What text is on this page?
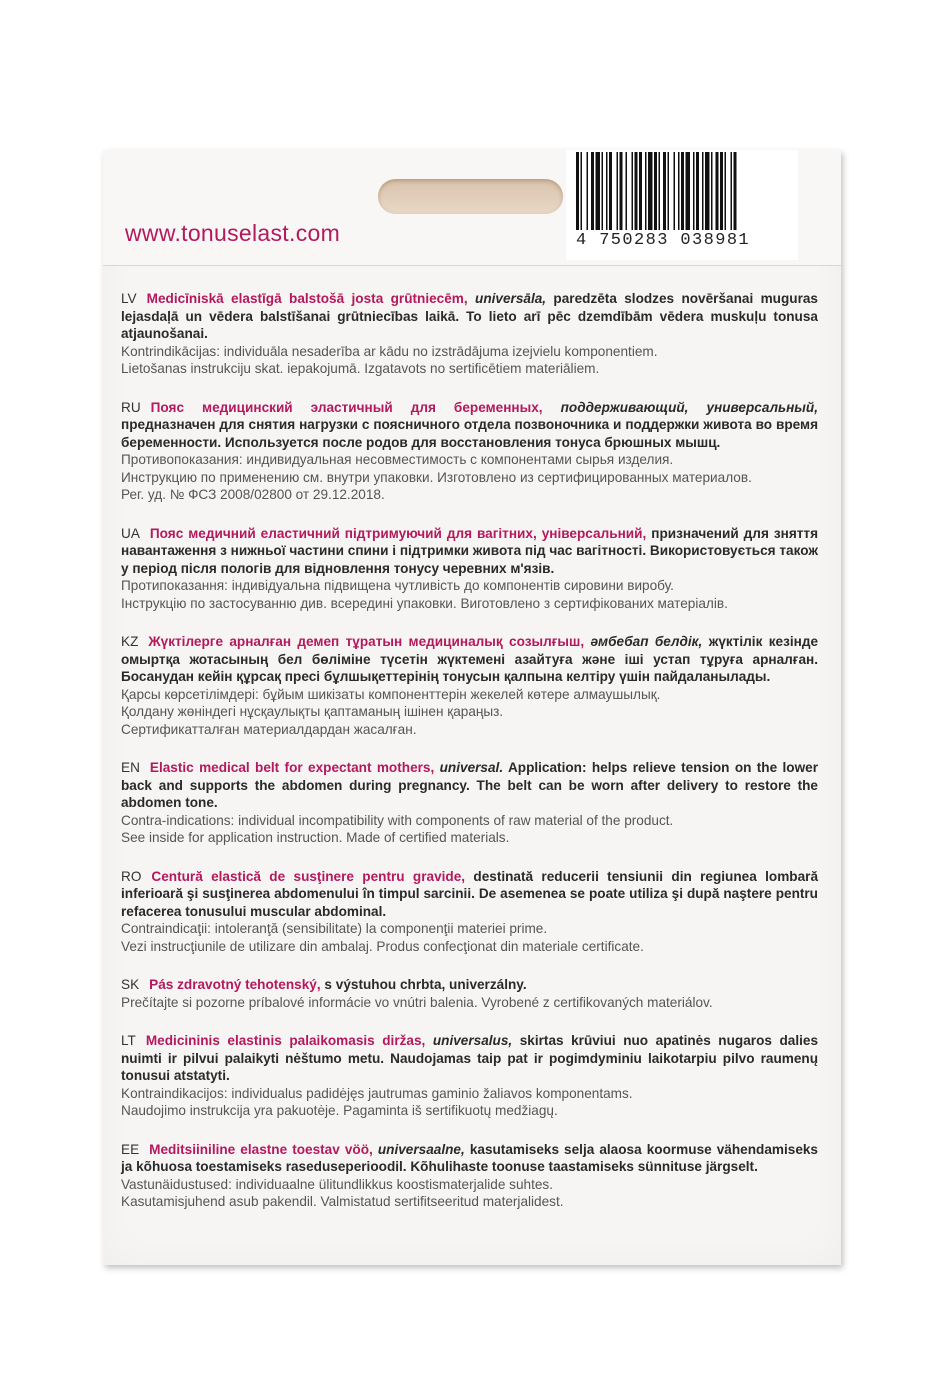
www.tonuselast.com	4 750283 038981

LV Medicīniskā elastīgā balstošā josta grūtniecēm, universāla, paredzēta slodzes novēršanai muguras lejasdaļā un vēdera balstīšanai grūtniecības laikā. To lieto arī pēc dzemdībām vēdera muskuļu tonusa atjaunošanai.

Kontrindikācijas: individuāla nesaderība ar kādu no izstrādājuma izejvielu komponentiem.

Lietošanas instrukciju skat. iepakojumā. Izgatavots no sertificētiem materiāliem.

RU Пояс медицинский эластичный для беременных, поддерживающий, универсальный, предназначен для снятия нагрузки с поясничного отдела позвоночника и поддержки живота во время беременности. Используется после родов для восстановления тонуса брюшных мышц.

Противопоказания: индивидуальная несовместимость с компонентами сырья изделия.

Инструкцию по применению см. внутри упаковки. Изготовлено из сертифицированных материалов.

Рег. уд. № ФСЗ 2008/02800 от 29.12.2018.

UA Пояс медичний еластичний підтримуючий для вагітних, універсальний, призначений для зняття навантаження з нижньої частини спини і підтримки живота під час вагітності. Використовується також у період після пологів для відновлення тонусу черевних м'язів.

Протипоказання: індивідуальна підвищена чутливість до компонентів сировини виробу.

Інструкцію по застосуванню див. всередині упаковки. Виготовлено з сертифікованих матеріалів.

KZ Жүктілерге арналған демеп тұратын медициналық созылғыш, әмбебап белдік, жүктілік кезінде омыртқа жотасының бел бөліміне түсетін жүктемені азайтуға және іші устап тұруға арналған. Босанудан кейін құрсақ пресі бұлшықеттерінің тонусын қалпына келтіру үшін пайдаланылады.

Қарсы көрсетілімдері: бұйым шикізаты компоненттерін жекелей көтере алмаушылық.

Қолдану жөніндегі нұсқаулықты қаптаманың ішінен қараңыз.

Сертификатталған материалдардан жасалған.

EN Elastic medical belt for expectant mothers, universal. Application: helps relieve tension on the lower back and supports the abdomen during pregnancy. The belt can be worn after delivery to restore the abdomen tone.

Contra-indications: individual incompatibility with components of raw material of the product.

See inside for application instruction. Made of certified materials.

RO Centură elastică de susţinere pentru gravide, destinată reducerii tensiunii din regiunea lombară inferioară şi susţinerea abdomenului în timpul sarcinii. De asemenea se poate utiliza şi după naştere pentru refacerea tonusului muscular abdominal.

Contraindicaţii: intoleranţă (sensibilitate) la componenţii materiei prime.

Vezi instrucţiunile de utilizare din ambalaj. Produs confecţionat din materiale certificate.

SK Pás zdravotný tehotenský, s výstuhou chrbta, univerzálny.

Prečítajte si pozorne príbalové informácie vo vnútri balenia. Vyrobené z certifikovaných materiálov.

LT Medicininis elastinis palaikomasis diržas, universalus, skirtas krūviui nuo apatinės nugaros dalies nuimti ir pilvui palaikyti nėštumo metu. Naudojamas taip pat ir pogimdyminiu laikotarpiu pilvo raumenų tonusui atstatyti.

Kontraindikacijos: individualus padidėjęs jautrumas gaminio žaliavos komponentams.

Naudojimo instrukcija yra pakuotėje. Pagaminta iš sertifikuotų medžiagų.

EE Meditsiiniline elastne toestav vöö, universaalne, kasutamiseks selja alaosa koormuse vähendamiseks ja kõhuosa toestamiseks raseduseperioodil. Kõhulihaste toonuse taastamiseks sünnituse järgselt.

Vastunäidustused: individuaalne ülitundlikkus koostismaterjalide suhtes.

Kasutamisjuhend asub pakendil. Valmistatud sertifitseeritud materjalidest.
